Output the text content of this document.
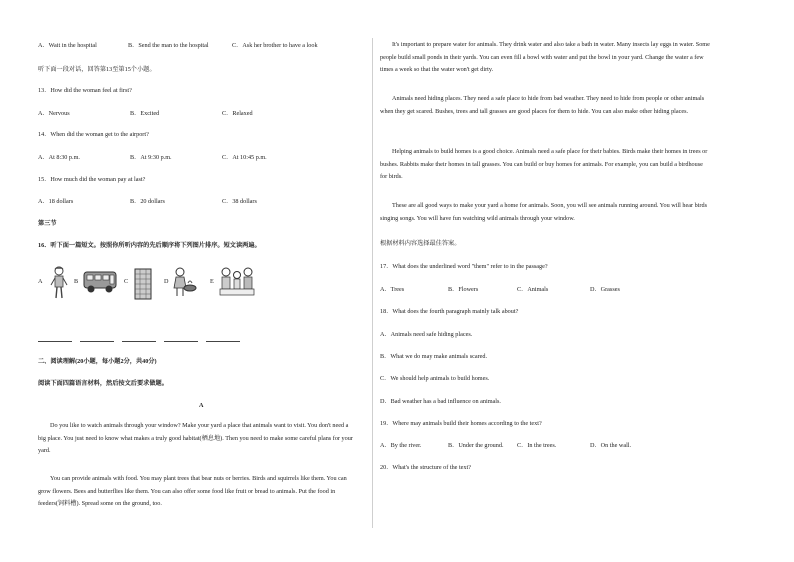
A．Wait in the hospital	B．Send the man to the hospital	C．Ask her brother to have a look
听下面一段对话，回答第13至第15个小题。
13．How did the woman feel at first?
A．Nervous	B．Excited	C．Relaxed
14．When did the woman get to the airport?
A．At 8:30 p.m.	B．At 9:30 p.m.	C．At 10:45 p.m.
15．How much did the woman pay at last?
A．18 dollars	B．20 dollars	C．38 dollars
第三节
16．听下面一篇短文。按照你所听内容的先后顺序将下列图片排序。短文读两遍。
A	B	C	D	E
二、阅读理解(20小题，每小题2分，共40分)
阅读下面四篇语言材料，然后按文后要求做题。
A
Do you like to watch animals through your window? Make your yard a place that animals want to visit. You don't need a big place. You just need to know what makes a truly good habitat(栖息地). Then you need to make some careful plans for your yard.
You can provide animals with food. You may plant trees that bear nuts or berries. Birds and squirrels like them. You can grow flowers. Bees and butterflies like them. You can also offer some food like fruit or bread to animals. Put the food in feeders(饲料槽). Spread some on the ground, too.
It's important to prepare water for animals. They drink water and also take a bath in water. Many insects lay eggs in water. Some people build small ponds in their yards. You can even fill a bowl with water and put the bowl in your yard. Change the water a few times a week so that the water won't get dirty.
Animals need hiding places. They need a safe place to hide from bad weather. They need to hide from people or other animals when they get scared. Bushes, trees and tall grasses are good places for them to hide. You can also make other hiding places.
Helping animals to build homes is a good choice. Animals need a safe place for their babies. Birds make their homes in trees or bushes. Rabbits make their homes in tall grasses. You can build or buy homes for animals. For example, you can build a birdhouse for birds.
These are all good ways to make your yard a home for animals. Soon, you will see animals running around. You will hear birds singing songs. You will have fun watching wild animals through your window.
根据材料内容选择最佳答案。
17．What does the underlined word "them" refer to in the passage?
A．Trees	B．Flowers	C．Animals	D．Grasses
18．What does the fourth paragraph mainly talk about?
A．Animals need safe hiding places.
B．What we do may make animals scared.
C．We should help animals to build homes.
D．Bad weather has a bad influence on animals.
19．Where may animals build their homes according to the text?
A．By the river.	B．Under the ground. C．In the trees.	D．On the wall.
20．What's the structure of the text?
